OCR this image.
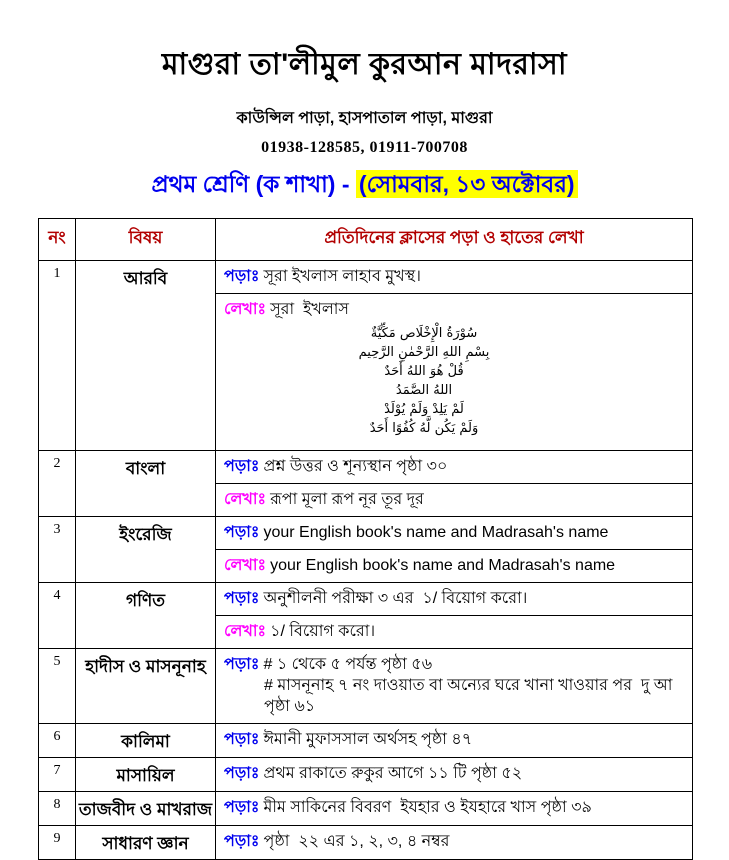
মাগুরা তা'লীমুল কুরআন মাদরাসা
কাউন্সিল পাড়া, হাসপাতাল পাড়া, মাগুরা
01938-128585, 01911-700708
প্রথম শ্রেণি (ক শাখা) - (সোমবার, ১৩ অক্টোবর)
নং	বিষয়	প্রতিদিনের ক্লাসের পড়া ও হাতের লেখা
1	আরবি	পড়াঃ সূরা ইখলাস লাহাব মুখস্থ।

লেখাঃ সূরা  ইখলাস
سُوْرَةُ الْإِخْلَاص مَكِّيَّةٌ
بِسْمِ اللهِ الرَّحْمٰنِ الرَّحِيم
قُلْ هُوَ اللهُ أَحَدٌ
اللهُ الصَّمَدُ
لَمْ يَلِدْ وَلَمْ يُوْلَدْ
وَلَمْ يَكُن لَّهُ كُفُوًا أَحَدٌ

2	বাংলা	পড়াঃ প্রশ্ন উত্তর ও শূন্যস্থান পৃষ্ঠা ৩০

		লেখাঃ রূপা মূলা রূপ নূর তূর দূর

3	ইংরেজি	পড়াঃ your English book's name and Madrasah's name

		লেখাঃ your English book's name and Madrasah's name

4	গণিত	পড়াঃ অনুশীলনী পরীক্ষা ৩ এর  ১/ বিয়োগ করো।

		লেখাঃ ১/ বিয়োগ করো।

5	হাদীস ও মাসনূনাহ	পড়াঃ # ১ থেকে ৫ পর্যন্ত পৃষ্ঠা ৫৬
# মাসনূনাহ ৭ নং দাওয়াত বা অন্যের ঘরে খানা খাওয়ার পর  দু আ পৃষ্ঠা ৬১

6	কালিমা	পড়াঃ ঈমানী মুফাসসাল অর্থসহ পৃষ্ঠা ৪৭

7	মাসায়িল	পড়াঃ প্রথম রাকাতে রুকুর আগে ১১ টি পৃষ্ঠা ৫২

8	তাজবীদ ও মাখরাজ	পড়াঃ মীম সাকিনের বিবরণ  ইযহার ও ইযহারে খাস পৃষ্ঠা ৩৯

9	সাধারণ জ্ঞান	পড়াঃ পৃষ্ঠা  ২২ এর ১, ২, ৩, ৪ নম্বর
